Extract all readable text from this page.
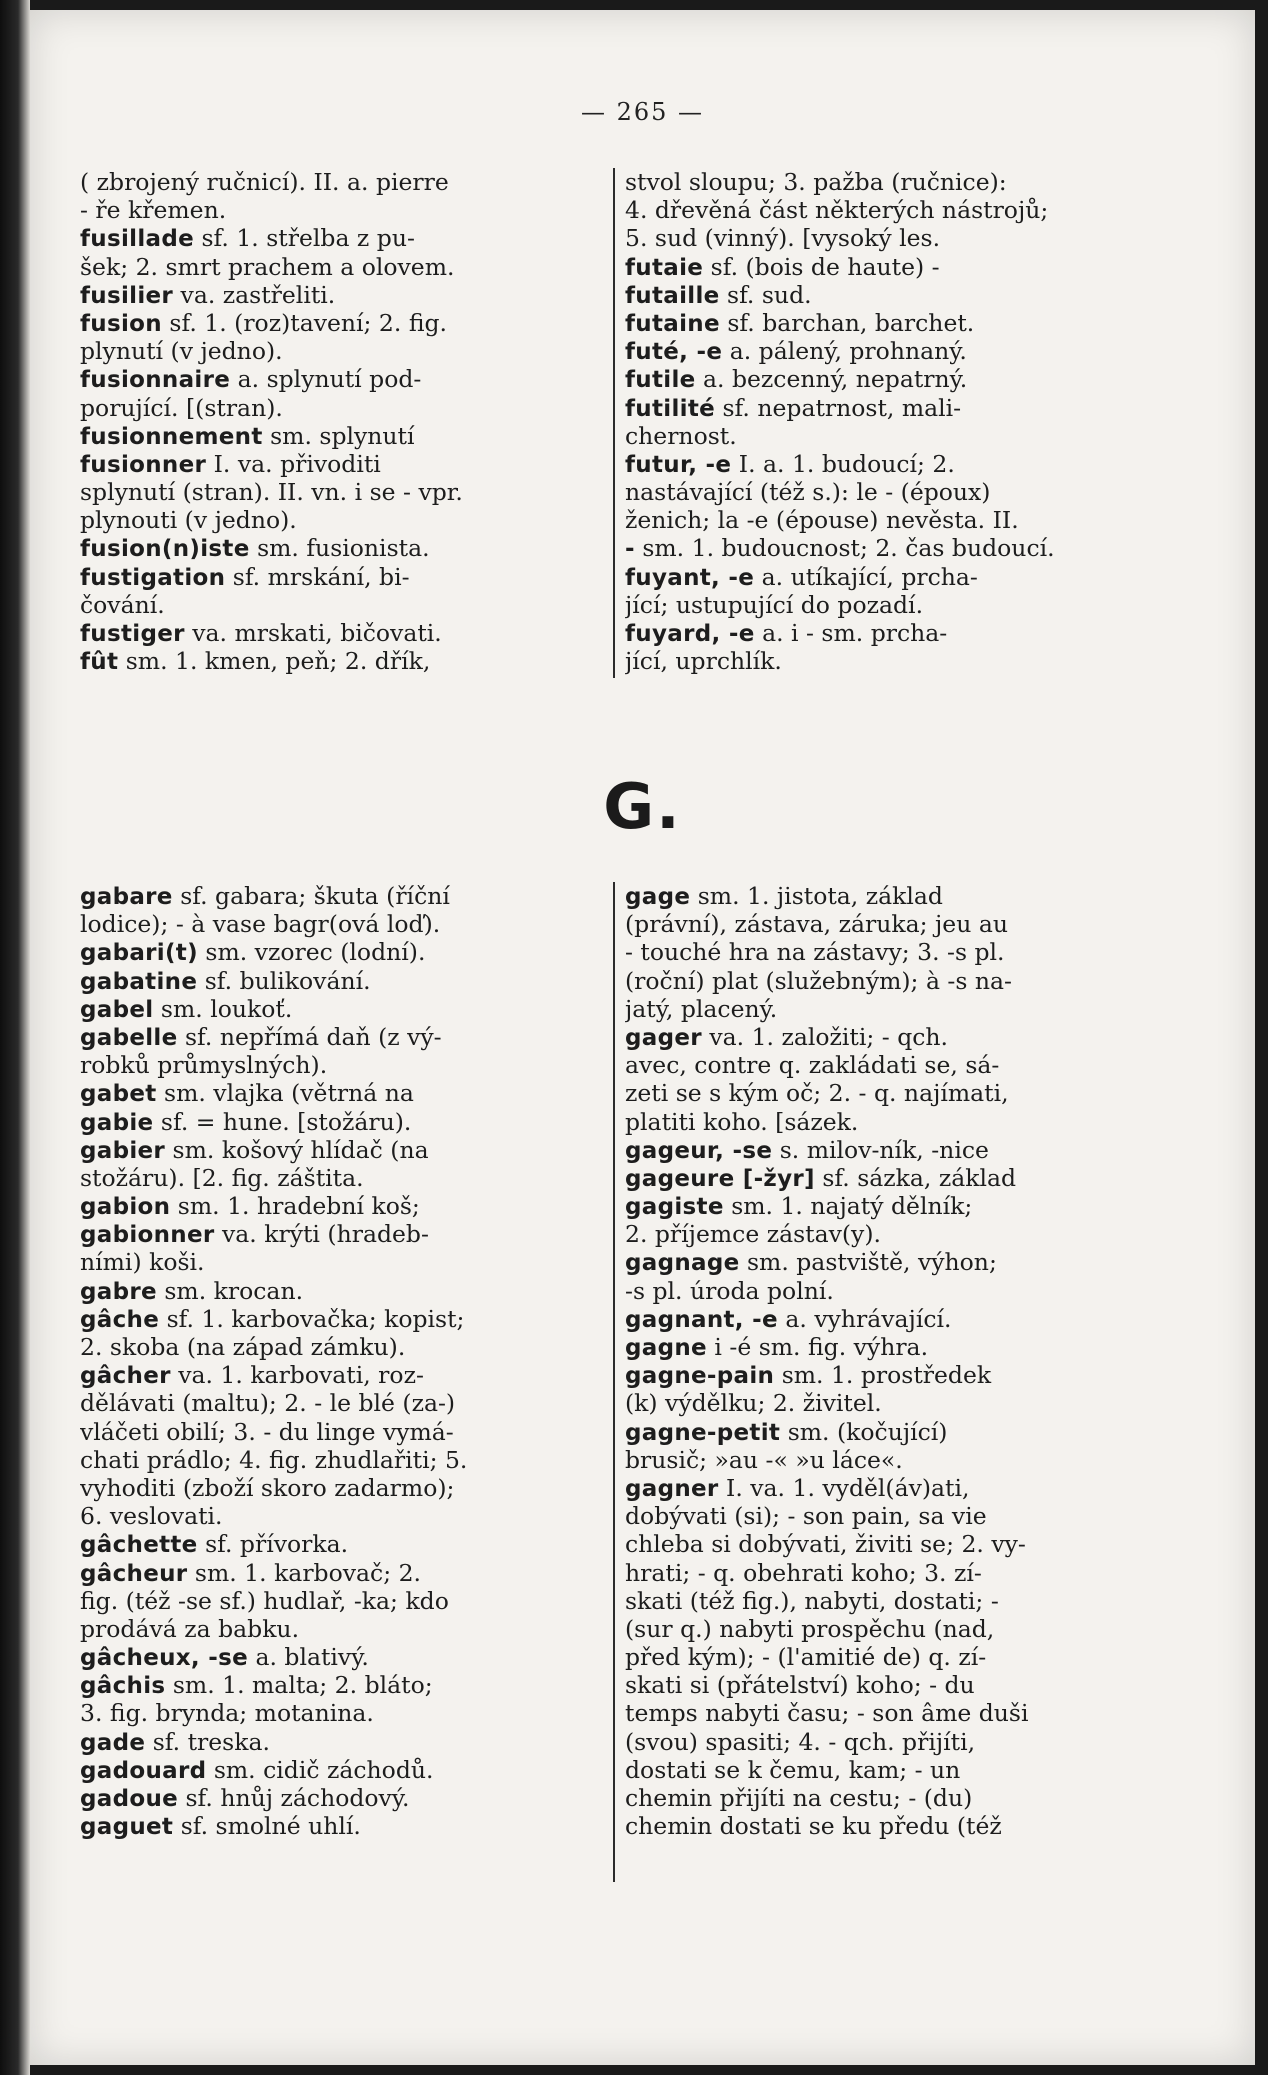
— 265 —
( zbrojený ručnicí). II. a. pierre
- ře křemen.
fusillade sf. 1. střelba z pu-
šek; 2. smrt prachem a olovem.
fusilier va. zastřeliti.
fusion sf. 1. (roz)tavení; 2. fig.
plynutí (v jedno).
fusionnaire a. splynutí pod-
porující. [(stran).
fusionnement sm. splynutí
fusionner I. va. přivoditi
splynutí (stran). II. vn. i se - vpr.
plynouti (v jedno).
fusion(n)iste sm. fusionista.
fustigation sf. mrskání, bi-
čování.
fustiger va. mrskati, bičovati.
fût sm. 1. kmen, peň; 2. dřík,
stvol sloupu; 3. pažba (ručnice):
4. dřevěná část některých nástrojů;
5. sud (vinný). [vysoký les.
futaie sf. (bois de haute) -
futaille sf. sud.
futaine sf. barchan, barchet.
futé, -e a. pálený, prohnaný.
futile a. bezcenný, nepatrný.
futilité sf. nepatrnost, mali-
chernost.
futur, -e I. a. 1. budoucí; 2.
nastávající (též s.): le - (époux)
ženich; la -e (épouse) nevěsta. II.
- sm. 1. budoucnost; 2. čas budoucí.
fuyant, -e a. utíkající, prcha-
jící; ustupující do pozadí.
fuyard, -e a. i - sm. prcha-
jící, uprchlík.
G.
gabare sf. gabara; škuta (říční
lodice); - à vase bagr(ová loď).
gabari(t) sm. vzorec (lodní).
gabatine sf. bulikování.
gabel sm. loukoť.
gabelle sf. nepřímá daň (z vý-
robků průmyslných).
gabet sm. vlajka (větrná na
gabie sf. = hune. [stožáru).
gabier sm. košový hlídač (na
stožáru). [2. fig. záštita.
gabion sm. 1. hradební koš;
gabionner va. krýti (hradeb-
ními) koši.
gabre sm. krocan.
gâche sf. 1. karbovačka; kopist;
2. skoba (na západ zámku).
gâcher va. 1. karbovati, roz-
dělávati (maltu); 2. - le blé (za-)
vláčeti obilí; 3. - du linge vymá-
chati prádlo; 4. fig. zhudlařiti; 5.
vyhoditi (zboží skoro zadarmo);
6. veslovati.
gâchette sf. přívorka.
gâcheur sm. 1. karbovač; 2.
fig. (též -se sf.) hudlař, -ka; kdo
prodává za babku.
gâcheux, -se a. blativý.
gâchis sm. 1. malta; 2. bláto;
3. fig. brynda; motanina.
gade sf. treska.
gadouard sm. cidič záchodů.
gadoue sf. hnůj záchodový.
gaguet sf. smolné uhlí.
gage sm. 1. jistota, základ
(právní), zástava, záruka; jeu au
- touché hra na zástavy; 3. -s pl.
(roční) plat (služebným); à -s na-
jatý, placený.
gager va. 1. založiti; - qch.
avec, contre q. zakládati se, sá-
zeti se s kým oč; 2. - q. najímati,
platiti koho. [sázek.
gageur, -se s. milov-ník, -nice
gageure [-žyr] sf. sázka, základ
gagiste sm. 1. najatý dělník;
2. příjemce zástav(y).
gagnage sm. pastviště, výhon;
-s pl. úroda polní.
gagnant, -e a. vyhrávající.
gagne i -é sm. fig. výhra.
gagne-pain sm. 1. prostředek
(k) výdělku; 2. živitel.
gagne-petit sm. (kočující)
brusič; »au -« »u láce«.
gagner I. va. 1. vyděl(áv)ati,
dobývati (si); - son pain, sa vie
chleba si dobývati, živiti se; 2. vy-
hrati; - q. obehrati koho; 3. zí-
skati (též fig.), nabyti, dostati; -
(sur q.) nabyti prospěchu (nad,
před kým); - (l'amitié de) q. zí-
skati si (přátelství) koho; - du
temps nabyti času; - son âme duši
(svou) spasiti; 4. - qch. přijíti,
dostati se k čemu, kam; - un
chemin přijíti na cestu; - (du)
chemin dostati se ku předu (též
